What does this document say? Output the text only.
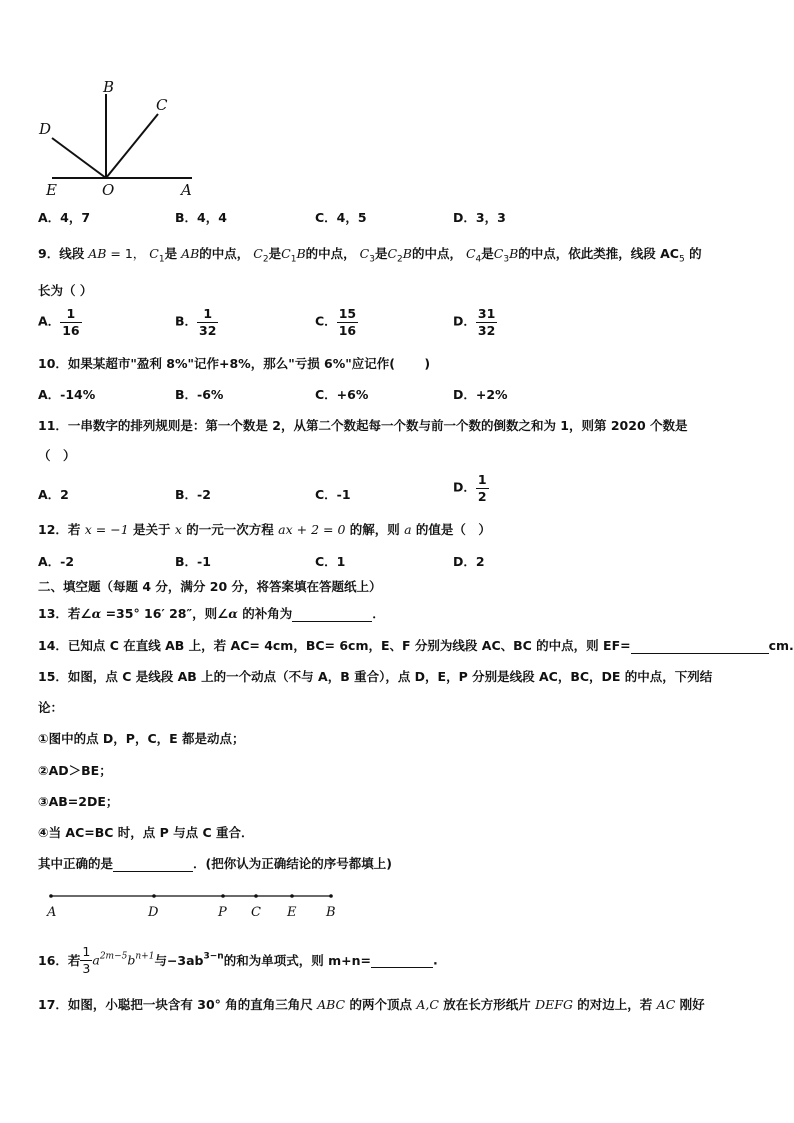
B
C
D
E	O	A
A．4，7	B．4，4	C．4，5	D．3，3
9．线段 AB = 1， $C_1$是 AB的中点， $C_2$是$C_1B$的中点， $C_3$是$C_2B$的中点， $C_4$是$C_3B$的中点，依此类推，线段 $AC_5$ 的
长为（ ）
A． $\frac{1}{16}$	B． $\frac{1}{32}$	C． $\frac{15}{16}$	D． $\frac{31}{32}$
10．如果某超市"盈利 8%"记作+8%，那么"亏损 6%"应记作(　　 )
A．-14%	B．-6%	C．+6%	D．+2%
11．一串数字的排列规则是：第一个数是 2，从第二个数起每一个数与前一个数的倒数之和为 1，则第 2020 个数是
（　）
A．2	B．-2	C．-1	D． $\frac{1}{2}$
12．若 x = −1 是关于 x 的一元一次方程 ax + 2 = 0 的解，则 a 的值是（　）
A．-2	B．-1	C．1	D．2
二、填空题（每题 4 分，满分 20 分，将答案填在答题纸上）
13．若∠α =35° 16′ 28″，则∠α 的补角为	．
14．已知点 C 在直线 AB 上，若 AC= 4cm，BC= 6cm，E、F 分别为线段 AC、BC 的中点，则 EF=	cm.
15．如图，点 C 是线段 AB 上的一个动点（不与 A，B 重合），点 D，E，P 分别是线段 AC，BC，DE 的中点，下列结
论：
①图中的点 D，P，C，E 都是动点；
②AD＞BE；
③AB=2DE；
④当 AC=BC 时，点 P 与点 C 重合．
其中正确的是	．(把你认为正确结论的序号都填上)
A	D	P C E B
16．若 $\frac{1}{3} a^{2m-5}b^{n+1}$与$-3ab^{3-n}$的和为单项式，则 m+n=	.
17．如图，小聪把一块含有 30° 角的直角三角尺 ABC 的两个顶点 A,C 放在长方形纸片 DEFG 的对边上，若 AC 刚好
